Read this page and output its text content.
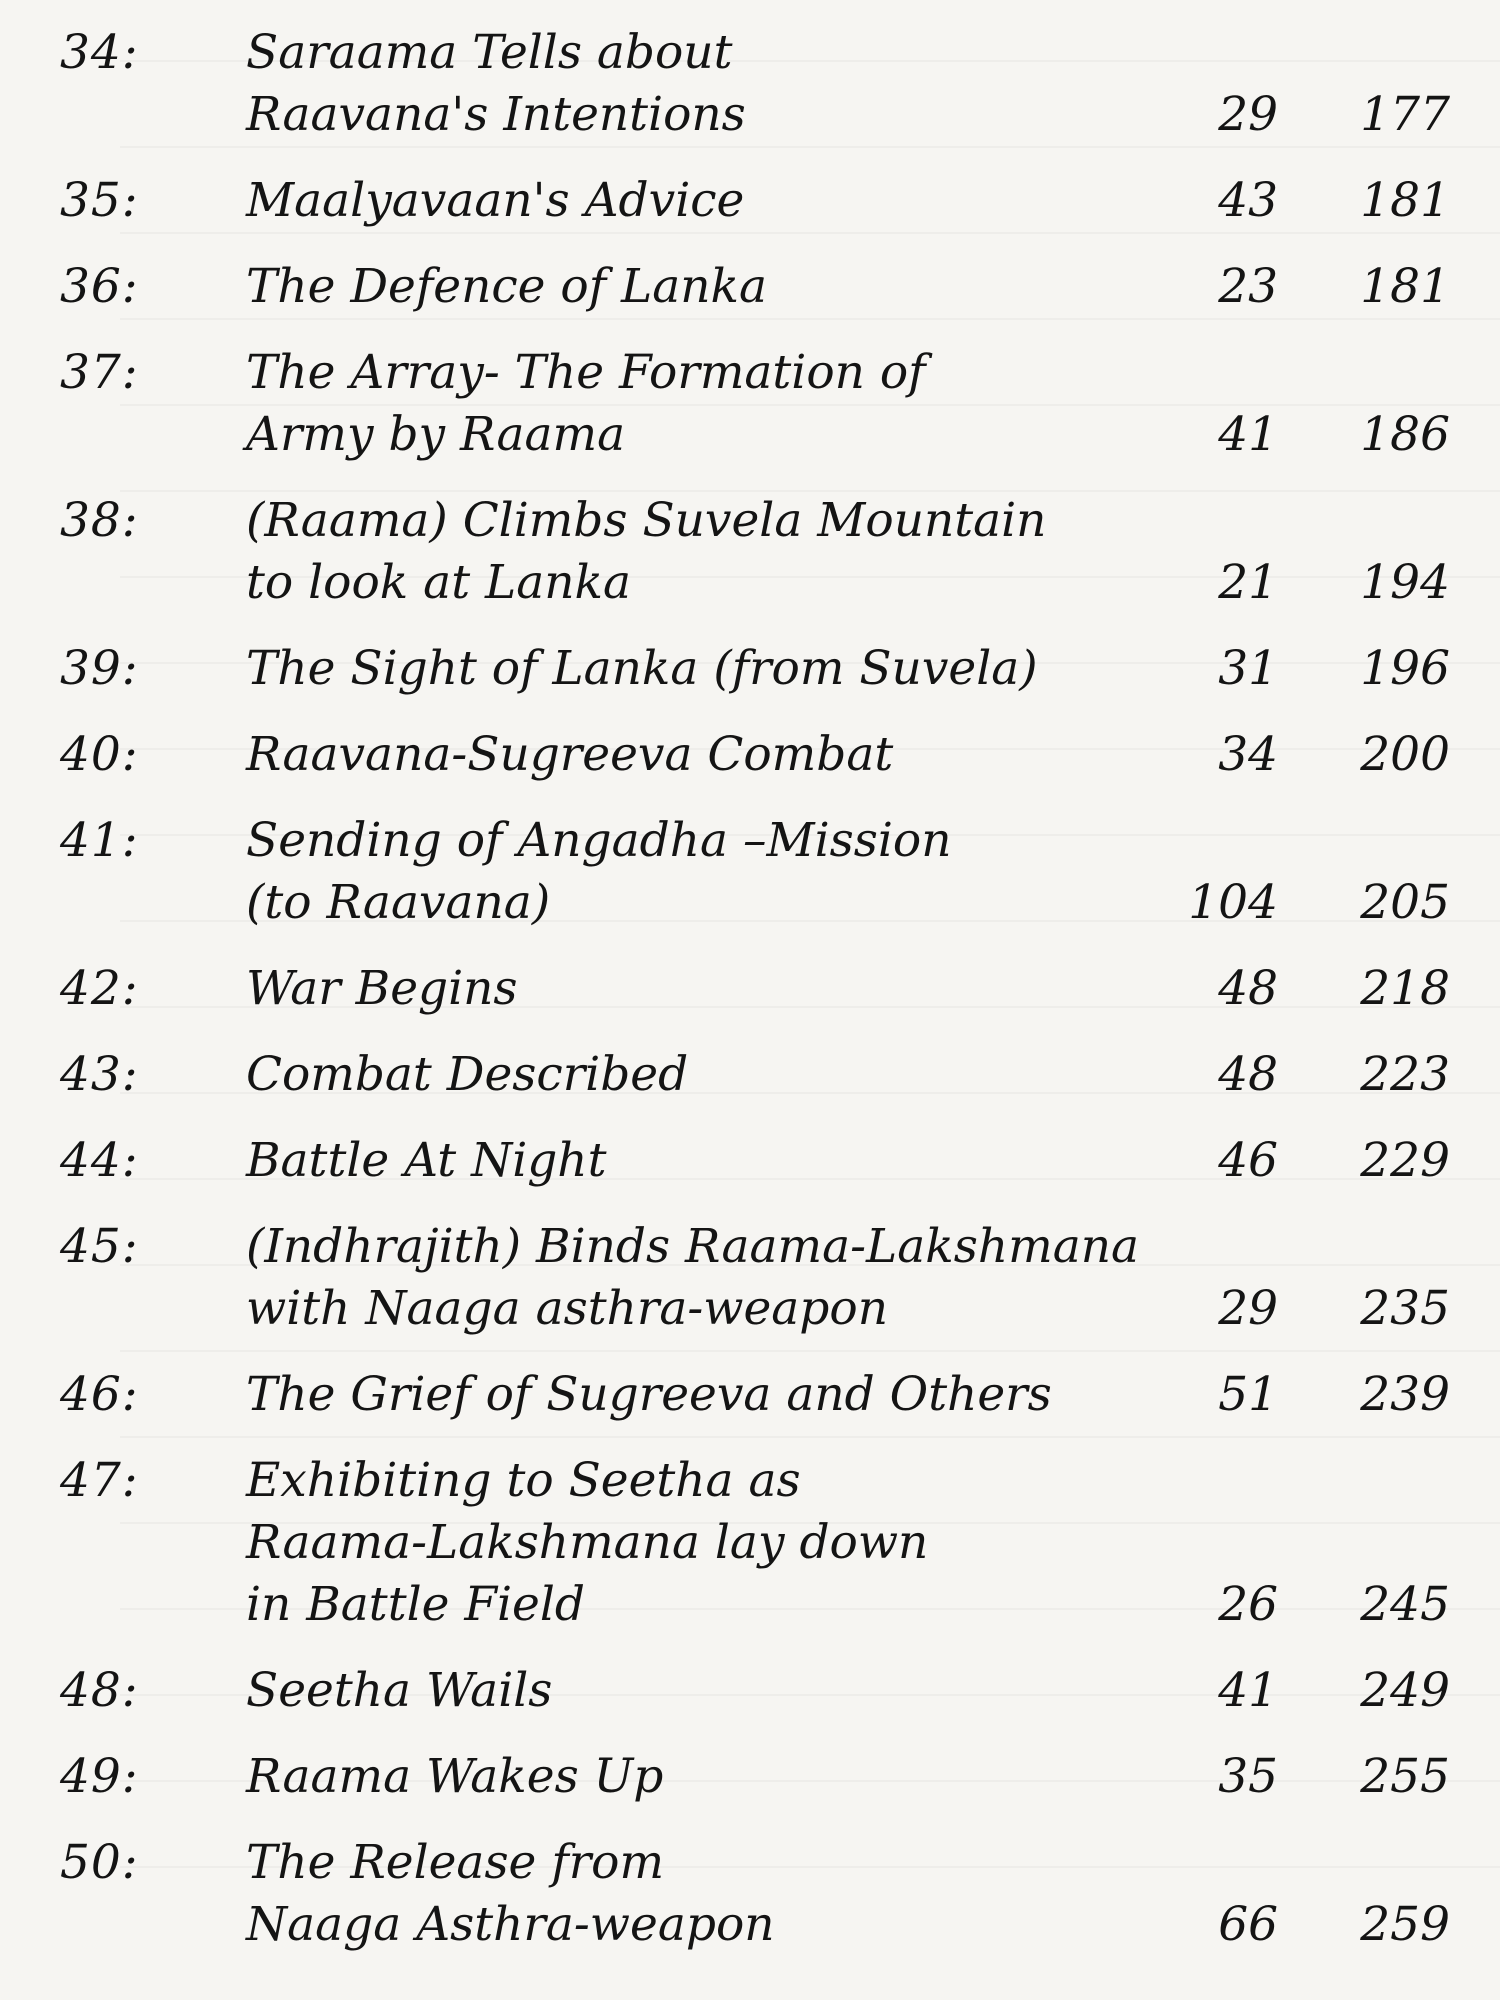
34:	Saraama Tells about
Raavana's Intentions	29	177
35:	Maalyavaan's Advice	43	181
36:	The Defence of Lanka	23	181
37:	The Array- The Formation of
Army by Raama	41	186
38:	(Raama) Climbs Suvela Mountain
to look at Lanka	21	194
39:	The Sight of Lanka (from Suvela)	31	196
40:	Raavana-Sugreeva Combat	34	200
41:	Sending of Angadha –Mission
(to Raavana)	104	205
42:	War Begins	48	218
43:	Combat Described	48	223
44:	Battle At Night	46	229
45:	(Indhrajith) Binds Raama-Lakshmana
with Naaga asthra-weapon	29	235
46:	The Grief of Sugreeva and Others	51	239
47:	Exhibiting to Seetha as
Raama-Lakshmana lay down
in Battle Field	26	245
48:	Seetha Wails	41	249
49:	Raama Wakes Up	35	255
50:	The Release from
Naaga Asthra-weapon	66	259
